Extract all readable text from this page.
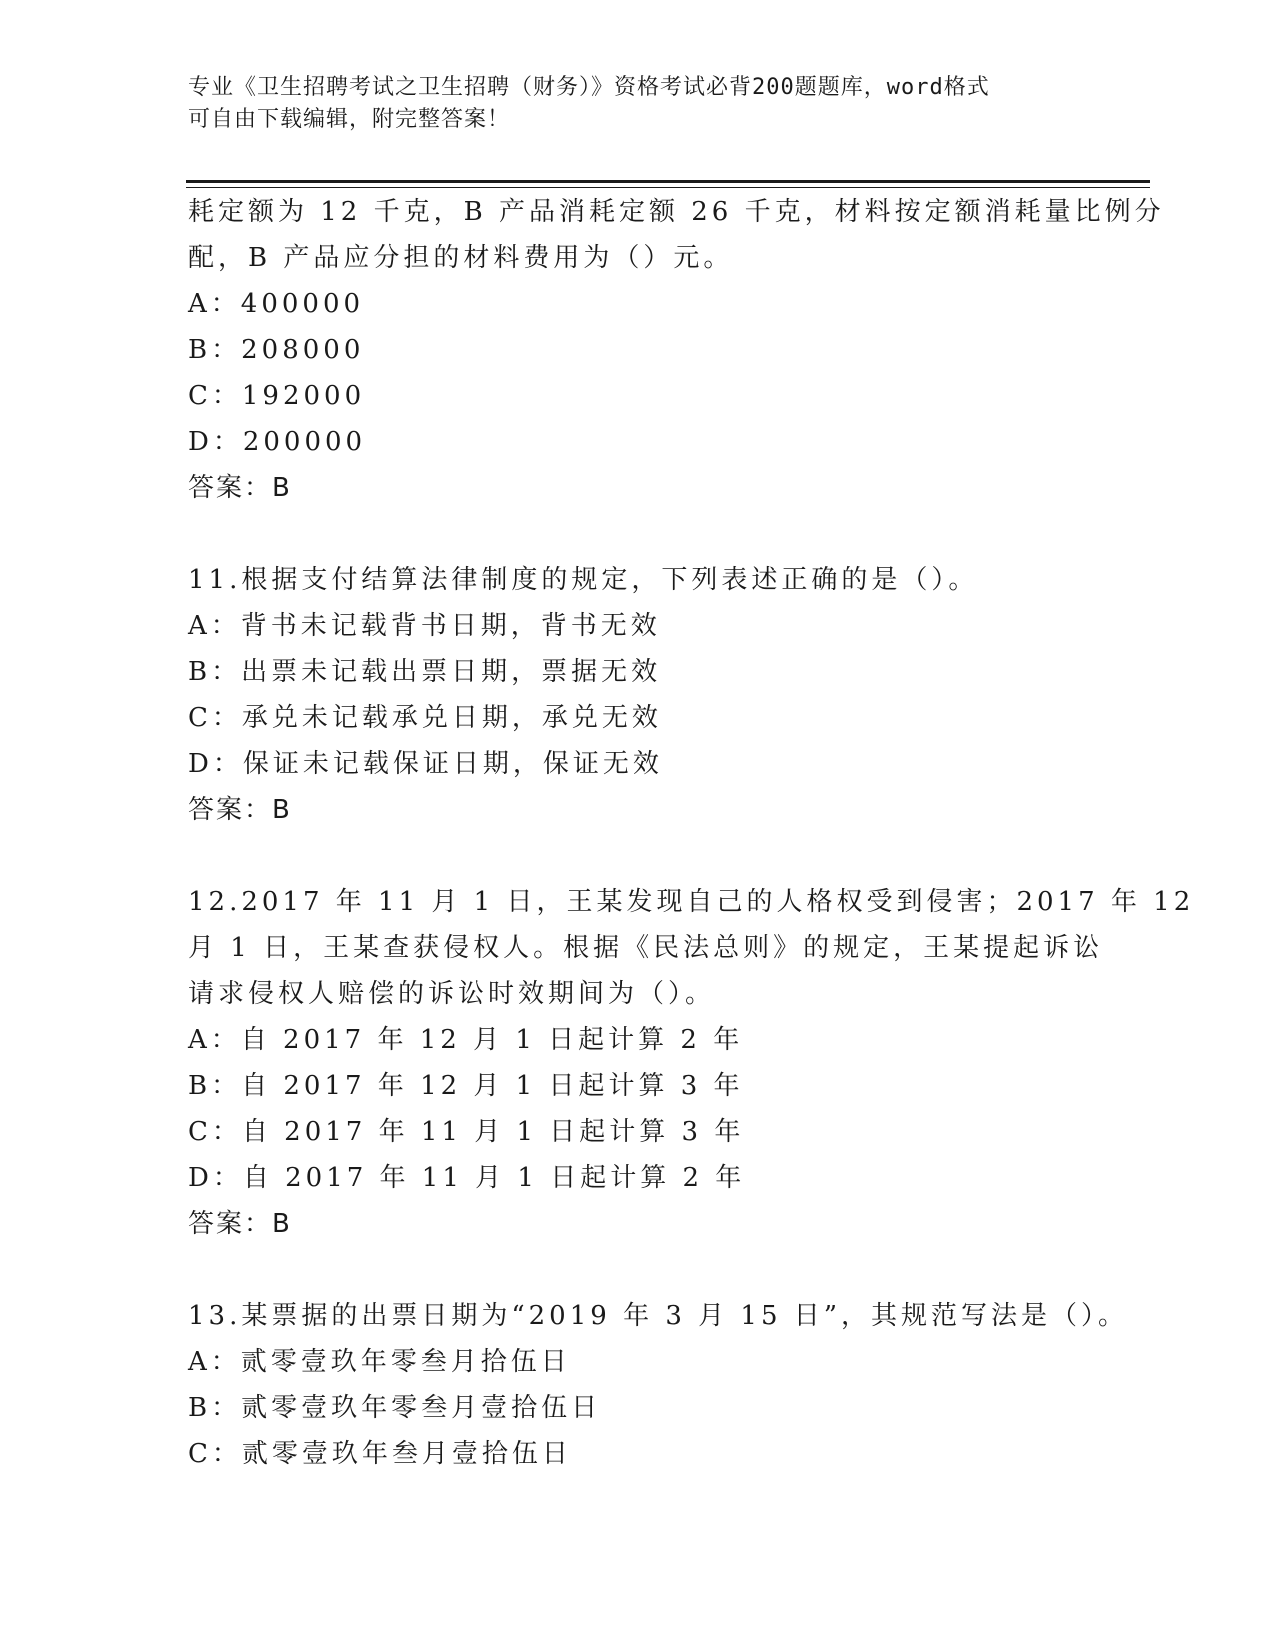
专业《卫生招聘考试之卫生招聘（财务）》资格考试必背200题题库，word格式
可自由下载编辑，附完整答案！
耗定额为 12 千克，B 产品消耗定额 26 千克，材料按定额消耗量比例分
配，B 产品应分担的材料费用为（）元。
A：400000
B：208000
C：192000
D：200000
答案：B
11.根据支付结算法律制度的规定，下列表述正确的是（）。
A：背书未记载背书日期，背书无效
B：出票未记载出票日期，票据无效
C：承兑未记载承兑日期，承兑无效
D：保证未记载保证日期，保证无效
答案：B
12.2017 年 11 月 1 日，王某发现自己的人格权受到侵害；2017 年 12
月 1 日，王某查获侵权人。根据《民法总则》的规定，王某提起诉讼
请求侵权人赔偿的诉讼时效期间为（）。
A：自 2017 年 12 月 1 日起计算 2 年
B：自 2017 年 12 月 1 日起计算 3 年
C：自 2017 年 11 月 1 日起计算 3 年
D：自 2017 年 11 月 1 日起计算 2 年
答案：B
13.某票据的出票日期为“2019 年 3 月 15 日”，其规范写法是（）。
A：贰零壹玖年零叁月拾伍日
B：贰零壹玖年零叁月壹拾伍日
C：贰零壹玖年叁月壹拾伍日
